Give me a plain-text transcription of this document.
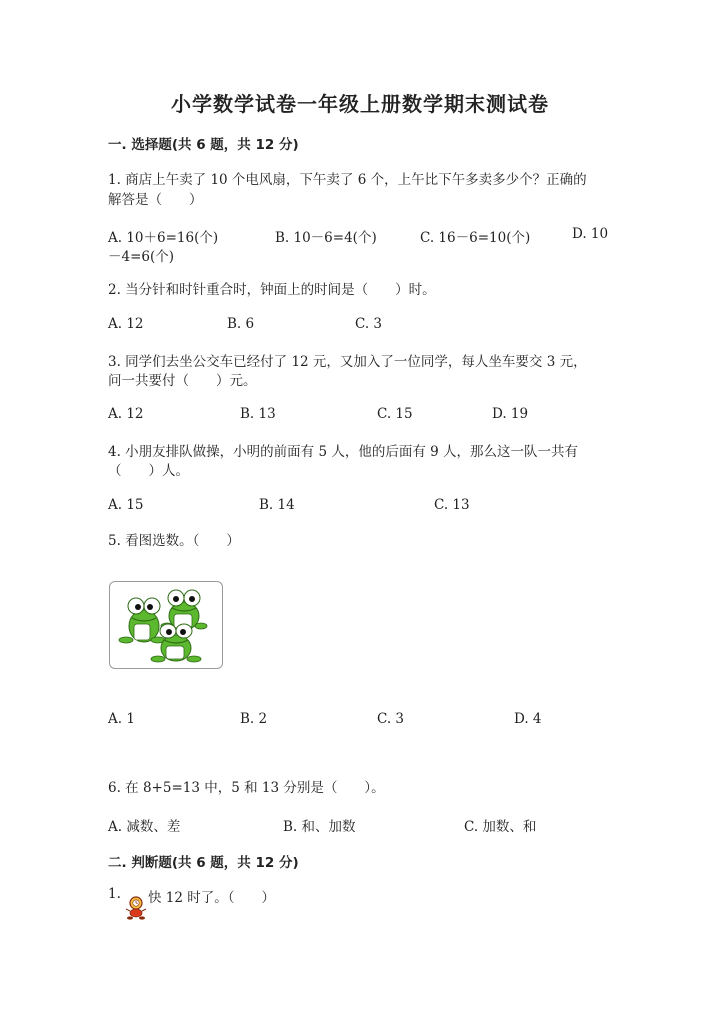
小学数学试卷一年级上册数学期末测试卷
一. 选择题(共 6 题，共 12 分)
1. 商店上午卖了 10 个电风扇，下午卖了 6 个，上午比下午多卖多少个？正确的
解答是（　　）
A. 10＋6=16(个)	B. 10－6=4(个)	C. 16－6=10(个)	D. 10
－4=6(个)
2. 当分针和时针重合时，钟面上的时间是（　　）时。
A. 12	B. 6	C. 3
3. 同学们去坐公交车已经付了 12 元，又加入了一位同学，每人坐车要交 3 元，
问一共要付（　　）元。
A. 12	B. 13	C. 15	D. 19
4. 小朋友排队做操，小明的前面有 5 人，他的后面有 9 人，那么这一队一共有
（　　）人。
A. 15	B. 14	C. 13
5. 看图选数。（　　）
A. 1	B. 2	C. 3	D. 4
6. 在 8+5=13 中，5 和 13 分别是（　　）。
A. 减数、差	B. 和、加数	C. 加数、和
二. 判断题(共 6 题，共 12 分)
1. 快 12 时了。（　　）
